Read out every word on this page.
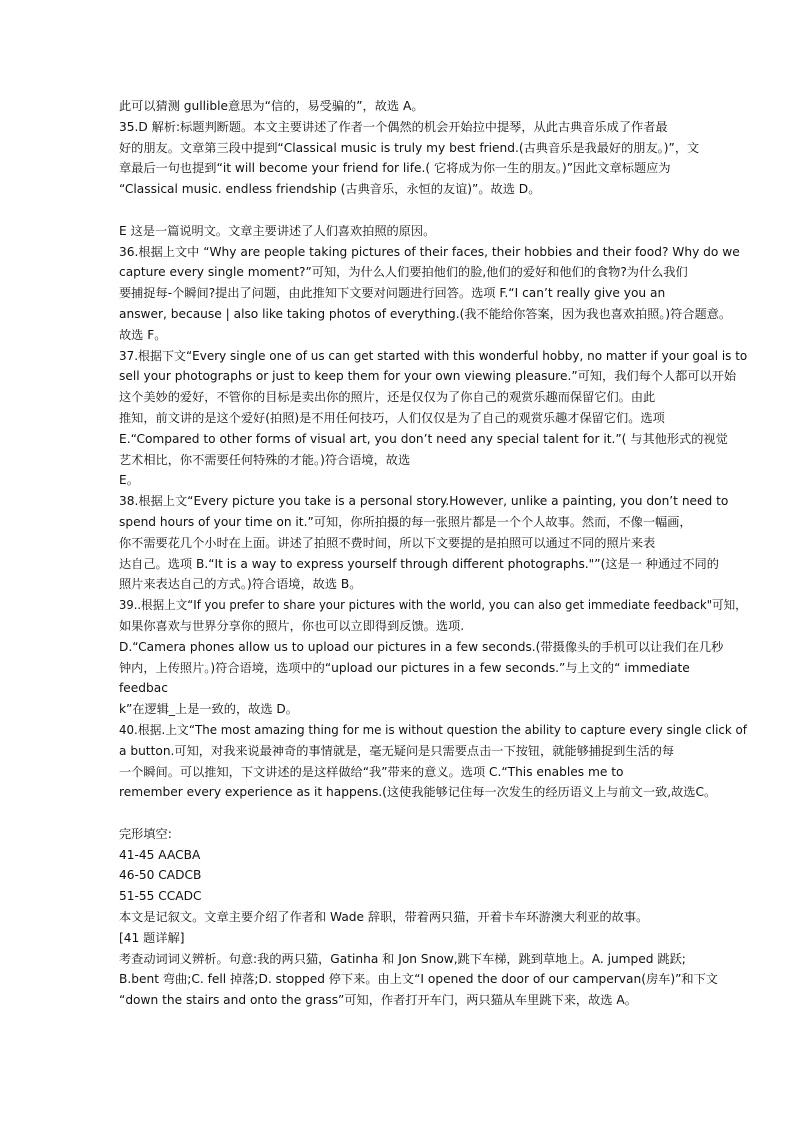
此可以猜测 gullible意思为“信的，易受骗的”，故选 A。
35.D 解析:标题判断题。本文主要讲述了作者一个偶然的机会开始拉中提琴，从此古典音乐成了作者最
好的朋友。文章第三段中提到“Classical music is truly my best friend.(古典音乐是我最好的朋友。)”，文
章最后一句也提到“it will become your friend for life.( 它将成为你一生的朋友。)”因此文章标题应为
“Classical music. endless friendship (古典音乐，永恒的友谊)”。故选 D。
E 这是一篇说明文。文章主要讲述了人们喜欢拍照的原因。
36.根据上文中 “Why are people taking pictures of their faces, their hobbies and their food? Why do we
capture every single moment?”可知，为什么人们要拍他们的脸,他们的爱好和他们的食物?为什么我们
要捕捉每-个瞬间?提出了问题，由此推知下文要对问题进行回答。选项 F.“I can’t really give you an
answer, because | also like taking photos of everything.(我不能给你答案，因为我也喜欢拍照。)符合题意。
故选 F。
37.根据下文“Every single one of us can get started with this wonderful hobby, no matter if your goal is to
sell your photographs or just to keep them for your own viewing pleasure.”可知，我们每个人都可以开始
这个美妙的爱好，不管你的目标是卖出你的照片，还是仅仅为了你自己的观赏乐趣而保留它们。由此
推知，前文讲的是这个爱好(拍照)是不用任何技巧，人们仅仅是为了自己的观赏乐趣才保留它们。选项
E.“Compared to other forms of visual art, you don’t need any special talent for it.”( 与其他形式的视觉
艺术相比，你不需要任何特殊的才能。)符合语境，故选
E。
38.根据上文“Every picture you take is a personal story.However, unlike a painting, you don’t need to
spend hours of your time on it.”可知，你所拍摄的每一张照片都是一个个人故事。然而，不像一幅画，
你不需要花几个小时在上面。讲述了拍照不费时间，所以下文要提的是拍照可以通过不同的照片来表
达自己。选项 B.“It is a way to express yourself through different photographs."”(这是一 种通过不同的
照片来表达自己的方式。)符合语境，故选 B。
39..根据上文“If you prefer to share your pictures with the world, you can also get immediate feedback"可知，
如果你喜欢与世界分享你的照片，你也可以立即得到反馈。选项.
D.“Camera phones allow us to upload our pictures in a few seconds.(带摄像头的手机可以让我们在几秒
钟内，上传照片。)符合语境，选项中的“upload our pictures in a few seconds.”与上文的“ immediate
feedbac
k”在逻辑_上是一致的，故选 D。
40.根据.上文“The most amazing thing for me is without question the ability to capture every single click of
a button.可知，对我来说最神奇的事情就是，毫无疑问是只需要点击一下按钮，就能够捕捉到生活的每
一个瞬间。可以推知，下文讲述的是这样做给“我”带来的意义。选项 C.“This enables me to
remember every experience as it happens.(这使我能够记住每一次发生的经历语义上与前文一致,故选C。
完形填空:
41-45 AACBA
46-50 CADCB
51-55 CCADC
本文是记叙文。文章主要介绍了作者和 Wade 辞职，带着两只猫，开着卡车环游澳大利亚的故事。
[41 题详解]
考查动词词义辨析。句意:我的两只猫，Gatinha 和 Jon Snow,跳下车梯，跳到草地上。A. jumped 跳跃;
B.bent 弯曲;C. fell 掉落;D. stopped 停下来。由上文“I opened the door of our campervan(房车)”和下文
“down the stairs and onto the grass”可知，作者打开车门，两只猫从车里跳下来，故选 A。
